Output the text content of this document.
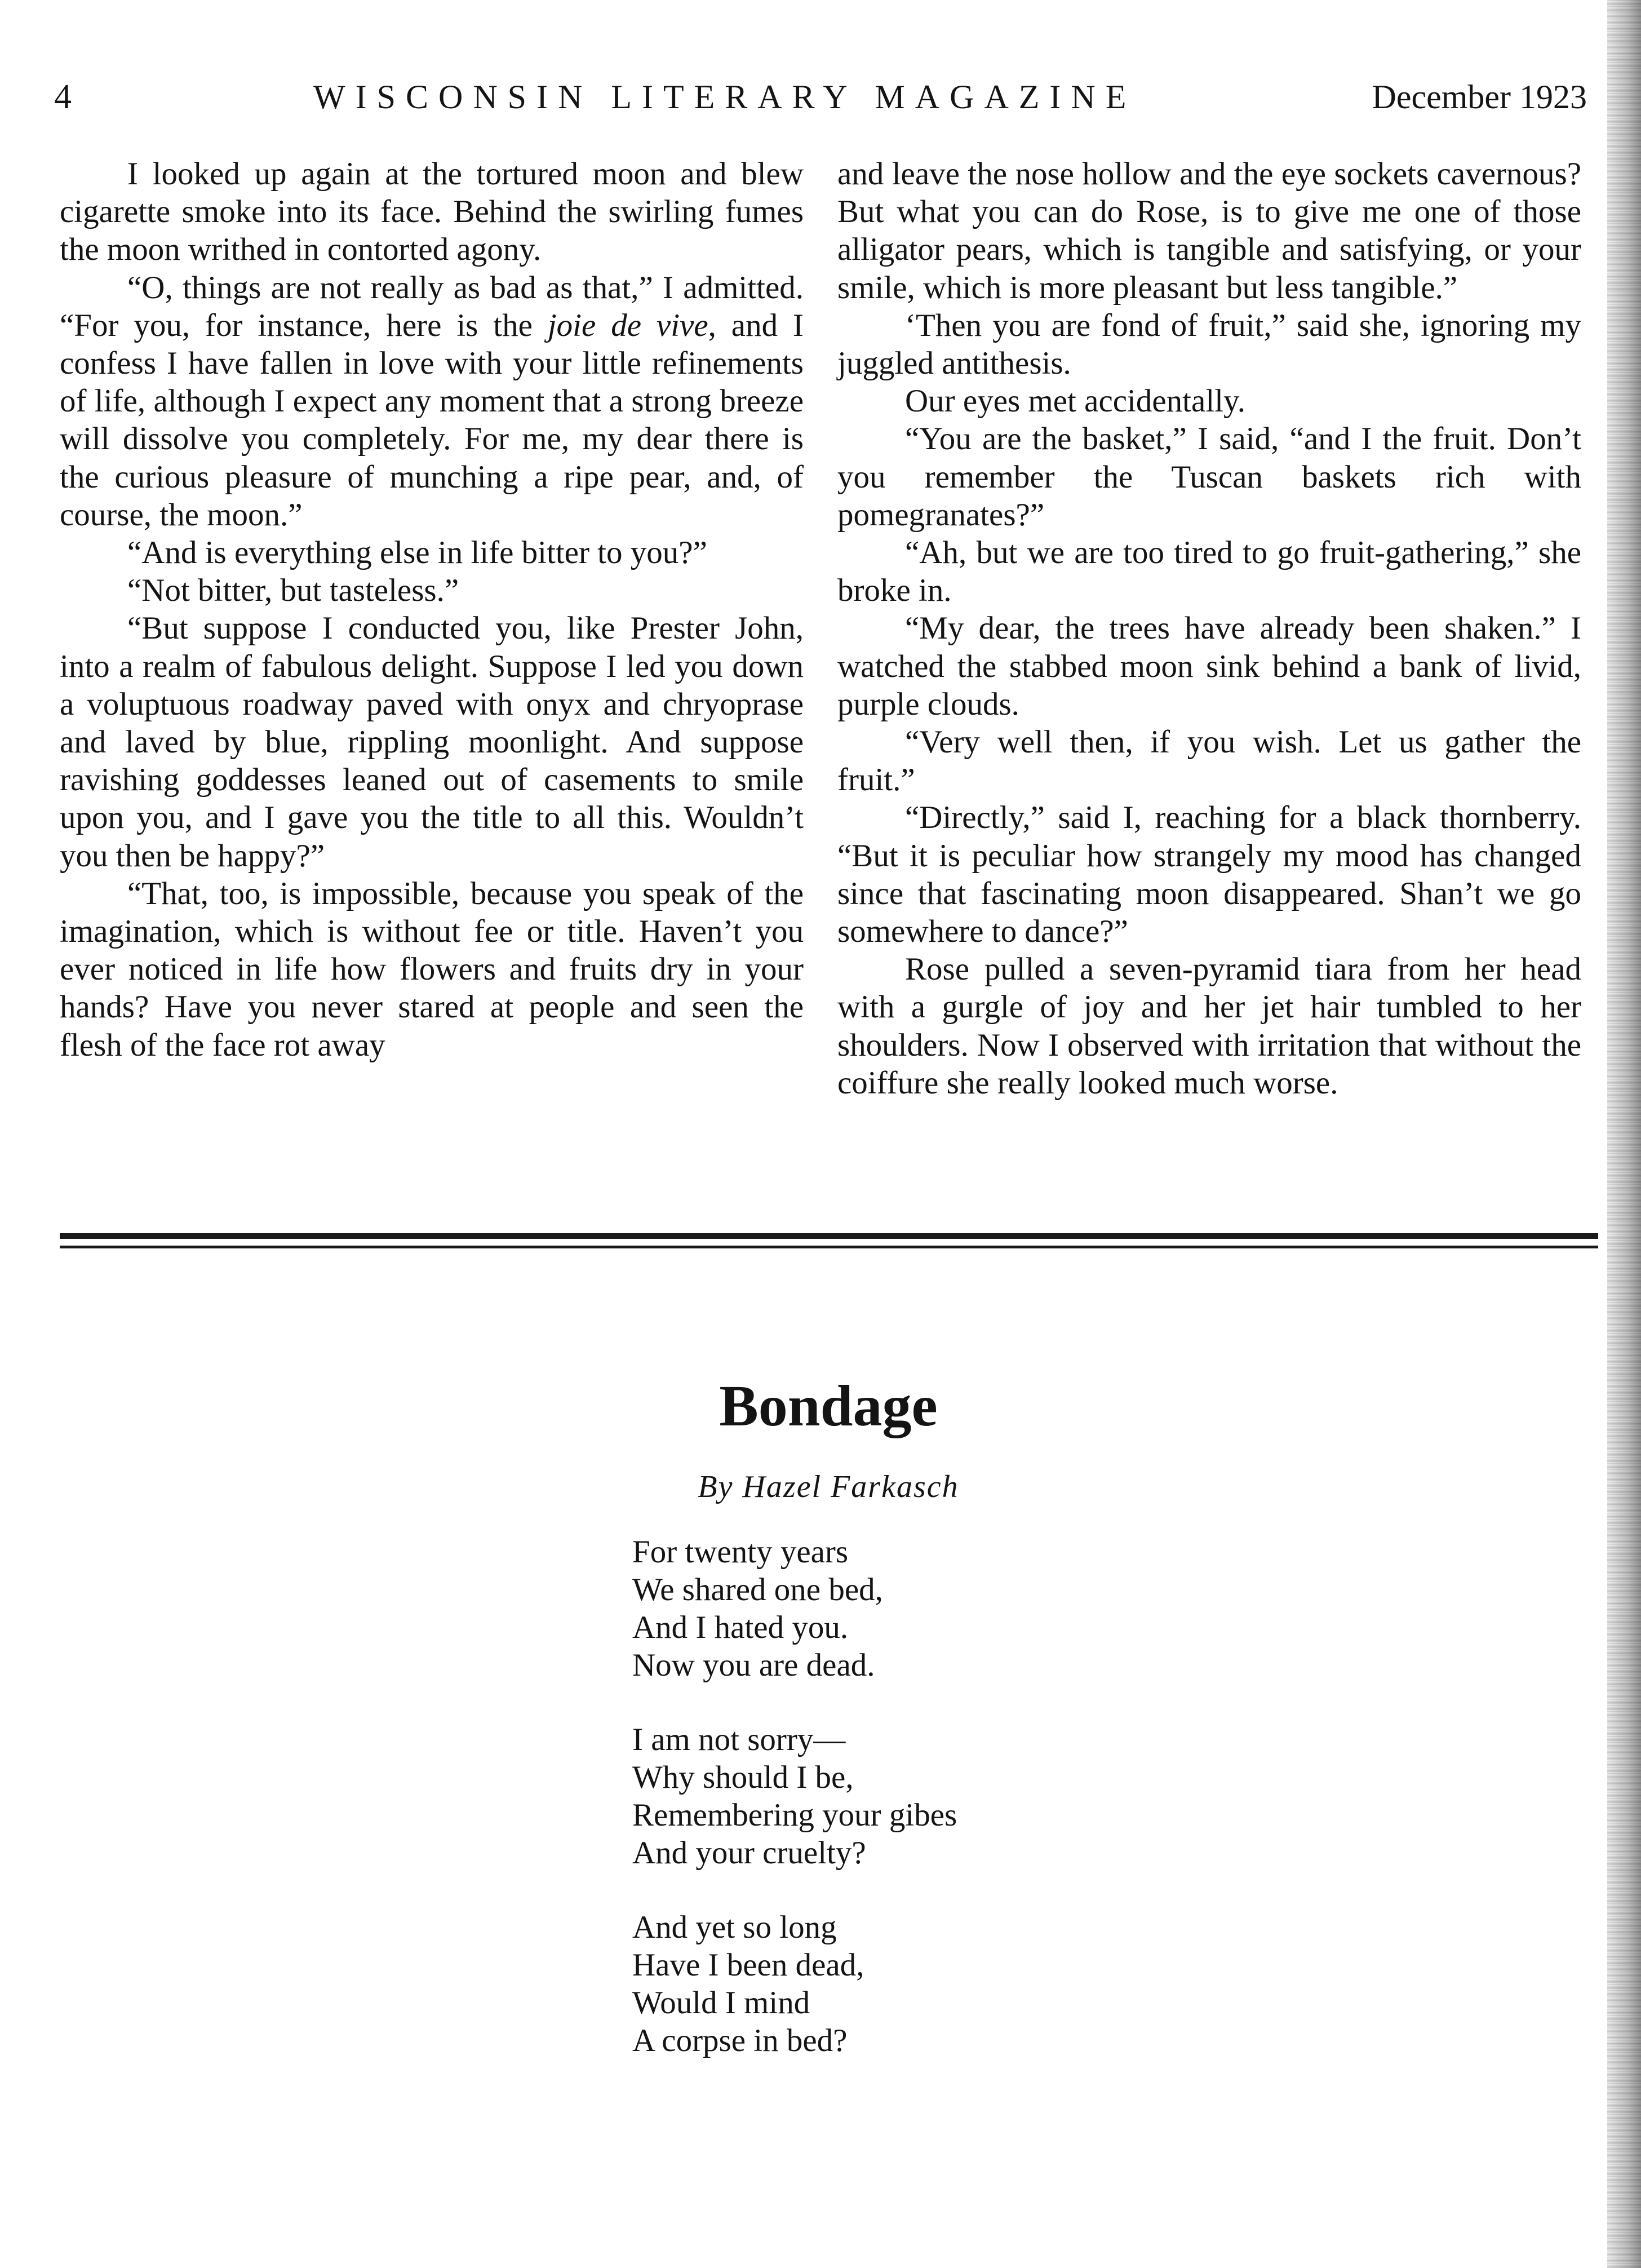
4	WISCONSIN LITERARY MAGAZINE	December 1923

I looked up again at the tortured moon and blew cigarette smoke into its face. Behind the swirling fumes the moon writhed in contorted agony.

“O, things are not really as bad as that,” I admitted. “For you, for instance, here is the joie de vive, and I confess I have fallen in love with your little refinements of life, although I expect any moment that a strong breeze will dissolve you completely. For me, my dear there is the curious pleasure of munching a ripe pear, and, of course, the moon.”

“And is everything else in life bitter to you?”

“Not bitter, but tasteless.”

“But suppose I conducted you, like Prester John, into a realm of fabulous delight. Suppose I led you down a voluptuous roadway paved with onyx and chryoprase and laved by blue, rippling moonlight. And suppose ravishing goddesses leaned out of casements to smile upon you, and I gave you the title to all this. Wouldn’t you then be happy?”

“That, too, is impossible, because you speak of the imagination, which is without fee or title. Haven’t you ever noticed in life how flowers and fruits dry in your hands? Have you never stared at people and seen the flesh of the face rot away

and leave the nose hollow and the eye sockets cavernous? But what you can do Rose, is to give me one of those alligator pears, which is tangible and satisfying, or your smile, which is more pleasant but less tangible.”

‘Then you are fond of fruit,” said she, ignoring my juggled antithesis.

Our eyes met accidentally.

“You are the basket,” I said, “and I the fruit. Don’t you remember the Tuscan baskets rich with pomegranates?”

“Ah, but we are too tired to go fruit-gathering,” she broke in.

“My dear, the trees have already been shaken.” I watched the stabbed moon sink behind a bank of livid, purple clouds.

“Very well then, if you wish. Let us gather the fruit.”

“Directly,” said I, reaching for a black thornberry. “But it is peculiar how strangely my mood has changed since that fascinating moon disappeared. Shan’t we go somewhere to dance?”

Rose pulled a seven-pyramid tiara from her head with a gurgle of joy and her jet hair tumbled to her shoulders. Now I observed with irritation that without the coiffure she really looked much worse.

Bondage
By Hazel Farkasch
For twenty years
We shared one bed,
And I hated you.
Now you are dead.
I am not sorry—
Why should I be,
Remembering your gibes
And your cruelty?
And yet so long
Have I been dead,
Would I mind
A corpse in bed?
